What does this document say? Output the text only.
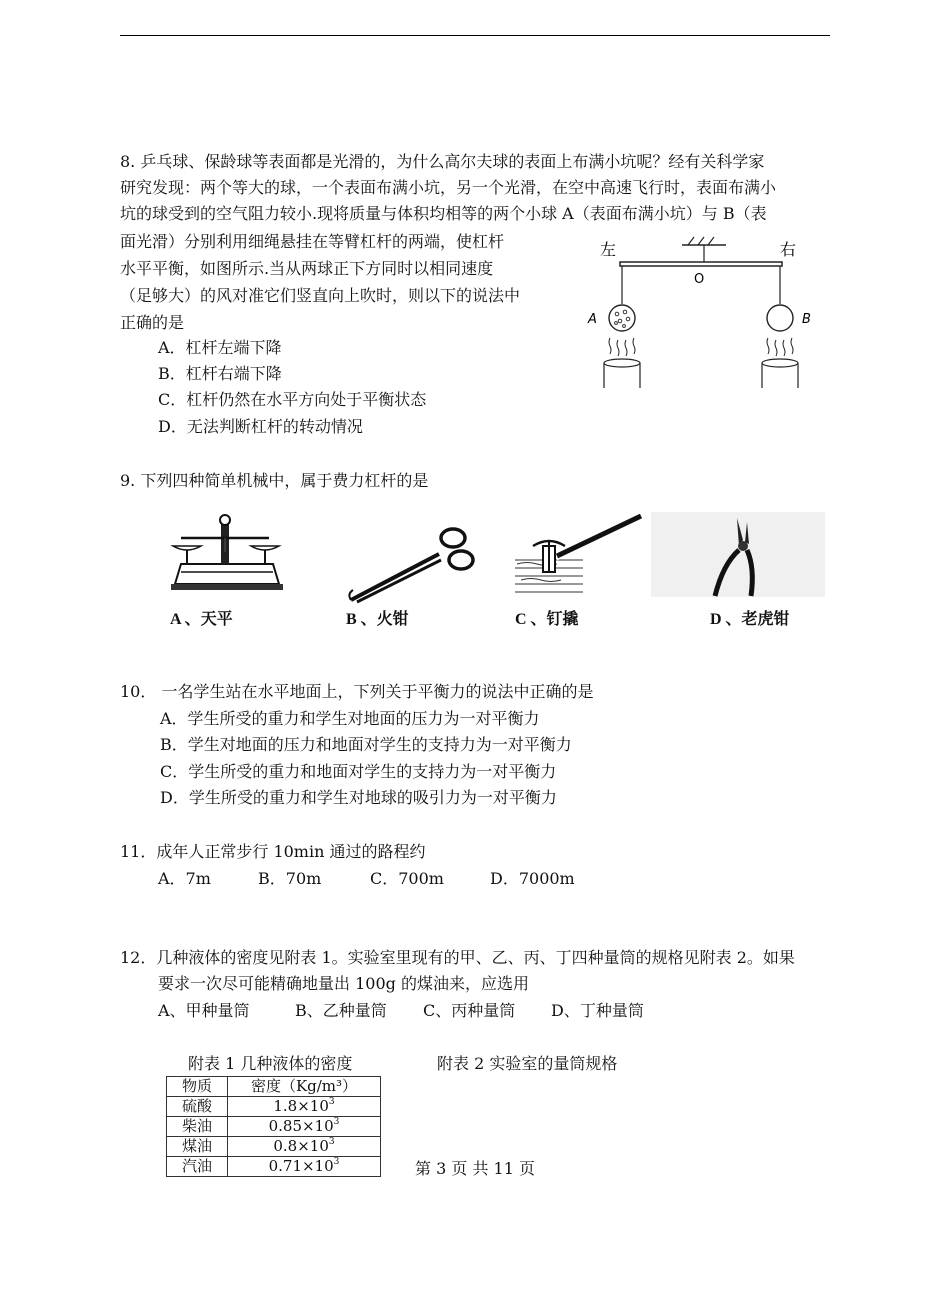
8. 乒乓球、保龄球等表面都是光滑的，为什么高尔夫球的表面上布满小坑呢？经有关科学家
研究发现：两个等大的球，一个表面布满小坑，另一个光滑，在空中高速飞行时，表面布满小
坑的球受到的空气阻力较小.现将质量与体积均相等的两个小球 A（表面布满小坑）与 B（表
面光滑）分别利用细绳悬挂在等臂杠杆的两端，使杠杆
水平平衡，如图所示.当从两球正下方同时以相同速度
（足够大）的风对准它们竖直向上吹时，则以下的说法中
正确的是
A．杠杆左端下降
B．杠杆右端下降
C．杠杆仍然在水平方向处于平衡状态
D．无法判断杠杆的转动情况
左	右
O
A	B
9. 下列四种简单机械中，属于费力杠杆的是
A 、天平	B 、火钳	C 、钉撬	D 、老虎钳
10． 一名学生站在水平地面上，下列关于平衡力的说法中正确的是
A．学生所受的重力和学生对地面的压力为一对平衡力
B．学生对地面的压力和地面对学生的支持力为一对平衡力
C．学生所受的重力和地面对学生的支持力为一对平衡力
D．学生所受的重力和学生对地球的吸引力为一对平衡力
11．成年人正常步行 10min 通过的路程约
A．7m	B．70m	C．700m	D．7000m
12．几种液体的密度见附表 1。实验室里现有的甲、乙、丙、丁四种量筒的规格见附表 2。如果
要求一次尽可能精确地量出 100g 的煤油来，应选用
A、甲种量筒	B、乙种量筒 C、丙种量筒 D、丁种量筒
附表 1 几种液体的密度	附表 2 实验室的量筒规格
物质	密度（Kg/m³）
硫酸	$1.8\times 10^3$
柴油	$0.85\times 10^3$
煤油	$0.8\times 10^3$
汽油	$0.71\times 10^3$	第 3 页 共 11 页
